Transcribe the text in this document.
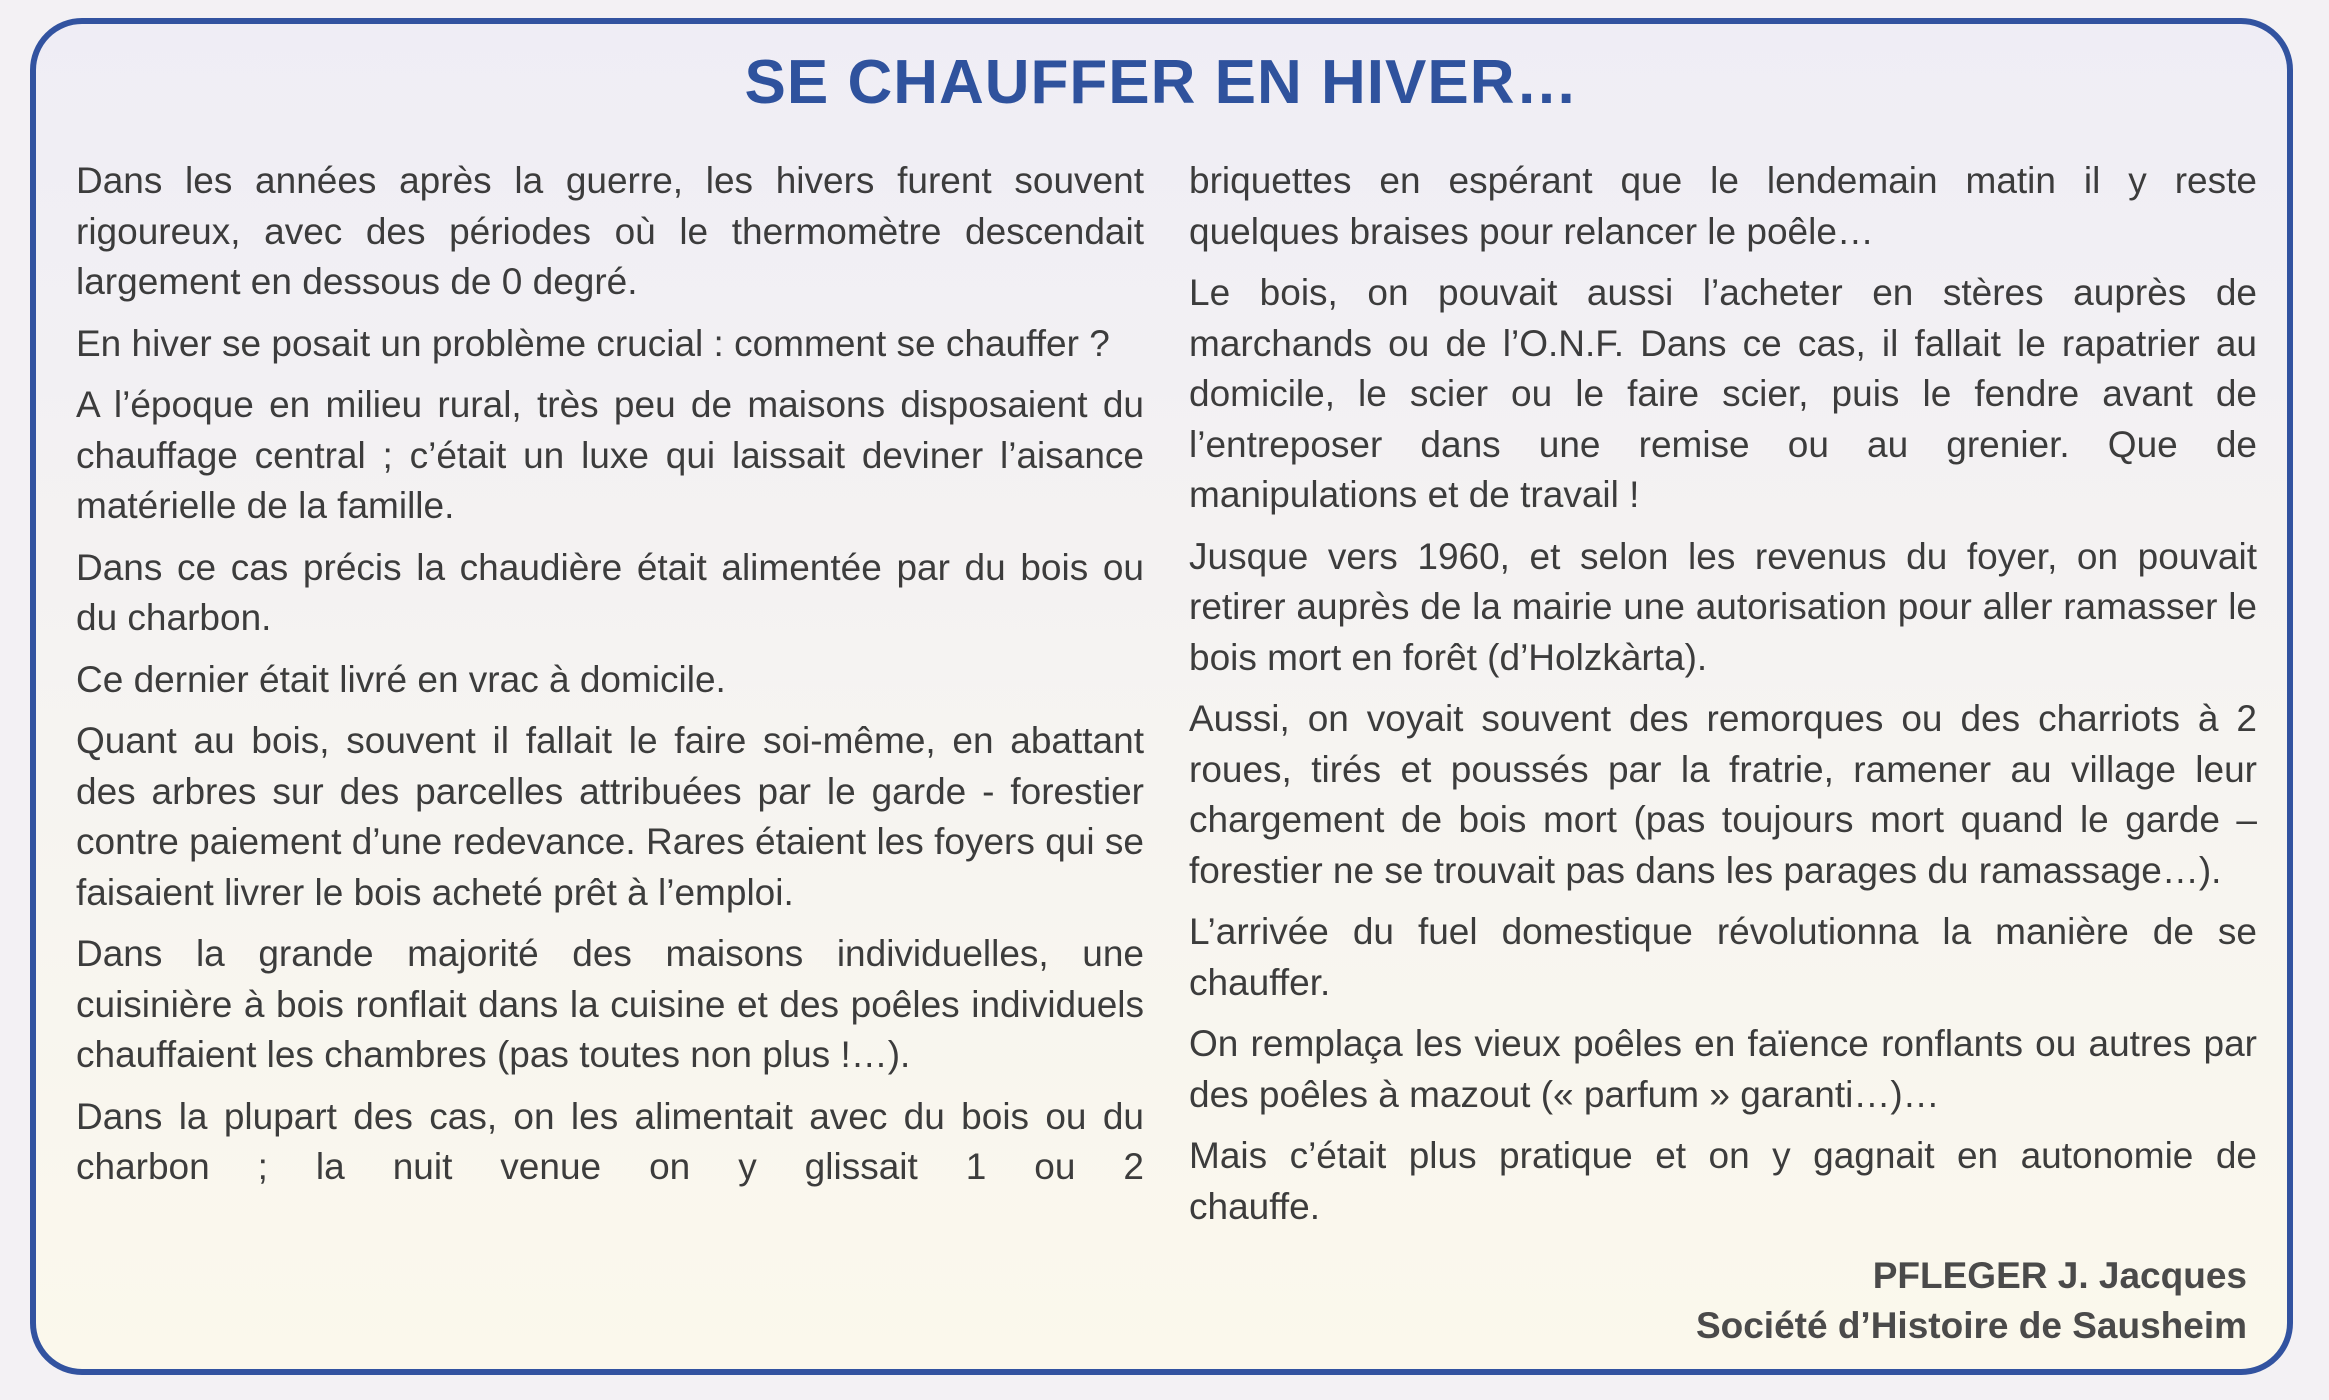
SE CHAUFFER EN HIVER…

Dans les années après la guerre, les hivers furent souvent rigoureux, avec des périodes où le thermomètre descendait largement en dessous de 0 degré.

En hiver se posait un problème crucial : comment se chauffer ?

A l’époque en milieu rural, très peu de maisons disposaient du chauffage central ; c’était un luxe qui laissait deviner l’aisance matérielle de la famille.

Dans ce cas précis la chaudière était alimentée par du bois ou du charbon.

Ce dernier était livré en vrac à domicile.

Quant au bois, souvent il fallait le faire soi-même, en abattant des arbres sur des parcelles attribuées par le garde - forestier contre paiement d’une redevance. Rares étaient les foyers qui se faisaient livrer le bois acheté prêt à l’emploi.

Dans la grande majorité des maisons individuelles, une cuisinière à bois ronflait dans la cuisine et des poêles individuels chauffaient les chambres (pas toutes non plus !…).

Dans la plupart des cas, on les alimentait avec du bois ou du charbon ; la nuit venue on y glissait 1 ou 2

briquettes en espérant que le lendemain matin il y reste quelques braises pour relancer le poêle…

Le bois, on pouvait aussi l’acheter en stères auprès de marchands ou de l’O.N.F. Dans ce cas, il fallait le rapatrier au domicile, le scier ou le faire scier, puis le fendre avant de l’entreposer dans une remise ou au grenier. Que de manipulations et de travail !

Jusque vers 1960, et selon les revenus du foyer, on pouvait retirer auprès de la mairie une autorisation pour aller ramasser le bois mort en forêt (d’Holzkàrta).

Aussi, on voyait souvent des remorques ou des charriots à 2 roues, tirés et poussés par la fratrie, ramener au village leur chargement de bois mort (pas toujours mort quand le garde – forestier ne se trouvait pas dans les parages du ramassage…).

L’arrivée du fuel domestique révolutionna la manière de se chauffer.

On remplaça les vieux poêles en faïence ronflants ou autres par des poêles à mazout (« parfum » garanti…)…

Mais c’était plus pratique et on y gagnait en autonomie de chauffe.

PFLEGER J. Jacques
Société d’Histoire de Sausheim
